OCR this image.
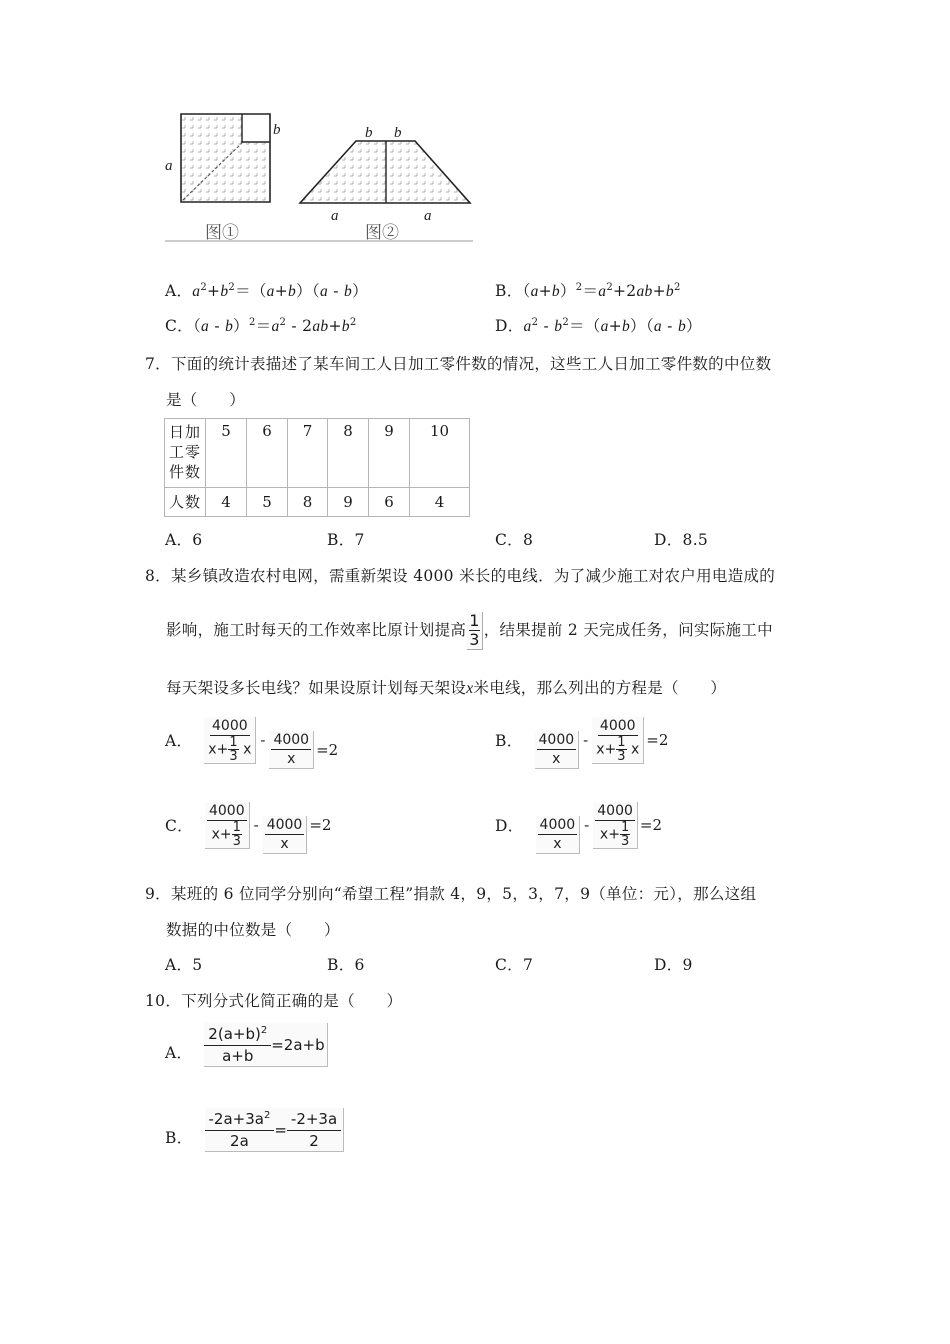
a
b	b b
a	a
图①	图②
A．$a^2+b^2=(a+b)(a - b)$	B．$(a+b)^2=a^2+2ab+b^2$
C．$(a - b)^2=a^2 - 2ab+b^2$	D．$a^2 - b^2=(a+b)(a - b)$
7．下面的统计表描述了某车间工人日加工零件数的情况，这些工人日加工零件数的中位数
是（　　）
日加工零件数	5	6	7	8	9	10
人数	4	5	8	9	6	4
A．6	B．7	C．8	D．8.5
8．某乡镇改造农村电网，需重新架设 4000 米长的电线．为了减少施工对农户用电造成的
影响，施工时每天的工作效率比原计划提高 $\frac{1}{3}$ ，结果提前 2 天完成任务，问实际施工中
每天架设多长电线？如果设原计划每天架设x米电线，那么列出的方程是（　　）
A． $\frac{4000}{x+ \frac{1}{3} x} - \frac{4000}{x} =2$	B． $\frac{4000}{x} - \frac{4000}{x+ \frac{1}{3} x} =2$
C． $\frac{4000}{x+ \frac{1}{3}} - \frac{4000}{x} =2$	D． $\frac{4000}{x} - \frac{4000}{x+ \frac{1}{3}} =2$
9．某班的 6 位同学分别向“希望工程”捐款 4，9，5，3，7，9（单位：元），那么这组
数据的中位数是（　　）
A．5	B．6	C．7	D．9
10．下列分式化简正确的是（　　）
A． $\frac{2(a+b)^2}{a+b} =2a+b$
B． $\frac{-2a+3a^2}{2a} = \frac{-2+3a}{2}$
